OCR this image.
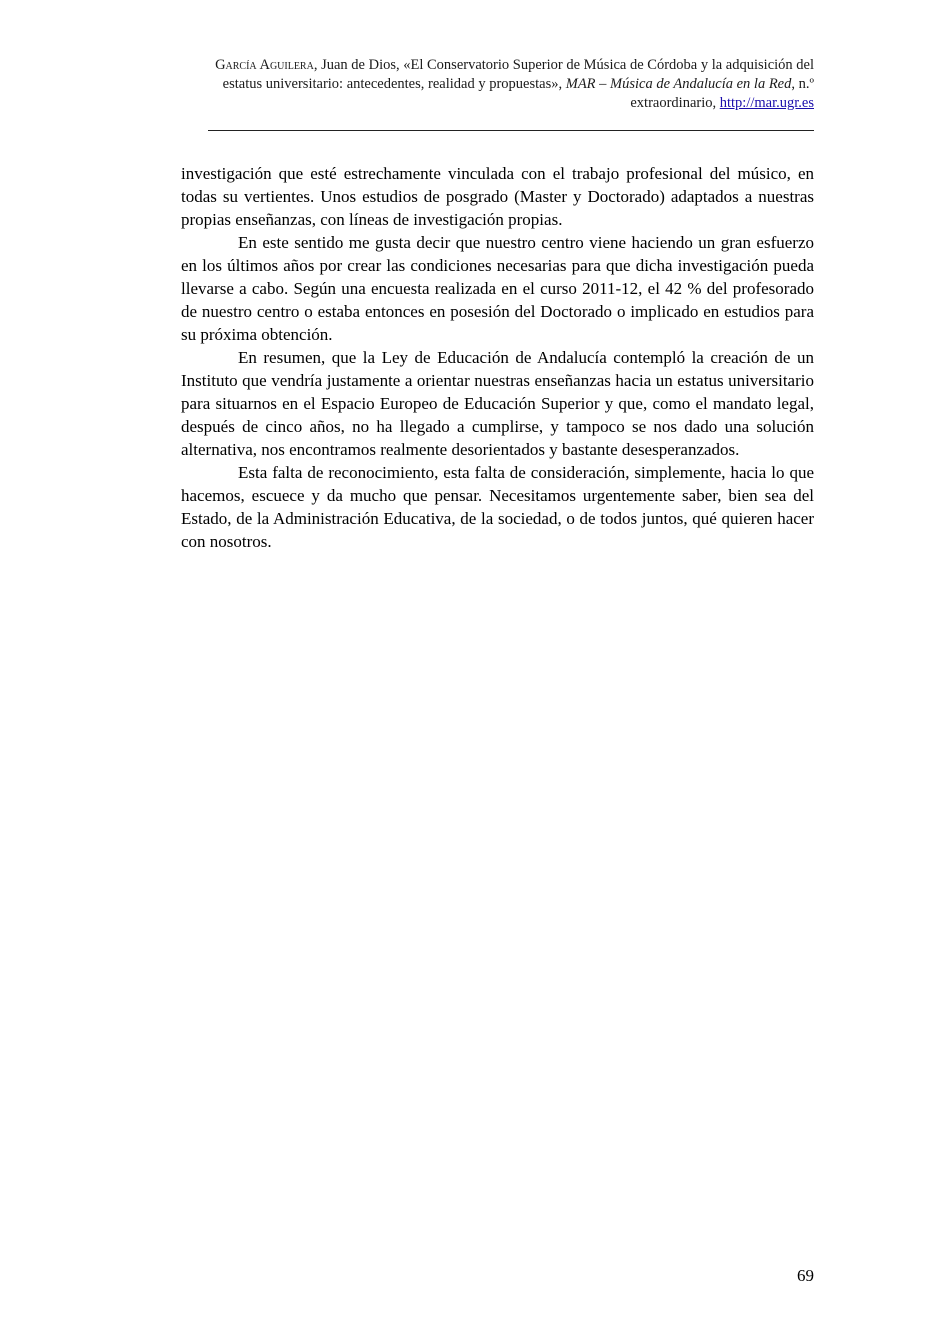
García Aguilera, Juan de Dios, «El Conservatorio Superior de Música de Córdoba y la adquisición del estatus universitario: antecedentes, realidad y propuestas», MAR – Música de Andalucía en la Red, n.º extraordinario, http://mar.ugr.es

investigación que esté estrechamente vinculada con el trabajo profesional del músico, en todas su vertientes. Unos estudios de posgrado (Master y Doctorado) adaptados a nuestras propias enseñanzas, con líneas de investigación propias.

En este sentido me gusta decir que nuestro centro viene haciendo un gran esfuerzo en los últimos años por crear las condiciones necesarias para que dicha investigación pueda llevarse a cabo. Según una encuesta realizada en el curso 2011-12, el 42 % del profesorado de nuestro centro o estaba entonces en posesión del Doctorado o implicado en estudios para su próxima obtención.

En resumen, que la Ley de Educación de Andalucía contempló la creación de un Instituto que vendría justamente a orientar nuestras enseñanzas hacia un estatus universitario para situarnos en el Espacio Europeo de Educación Superior y que, como el mandato legal, después de cinco años, no ha llegado a cumplirse, y tampoco se nos dado una solución alternativa, nos encontramos realmente desorientados y bastante desesperanzados.

Esta falta de reconocimiento, esta falta de consideración, simplemente, hacia lo que hacemos, escuece y da mucho que pensar. Necesitamos urgentemente saber, bien sea del Estado, de la Administración Educativa, de la sociedad, o de todos juntos, qué quieren hacer con nosotros.

69
